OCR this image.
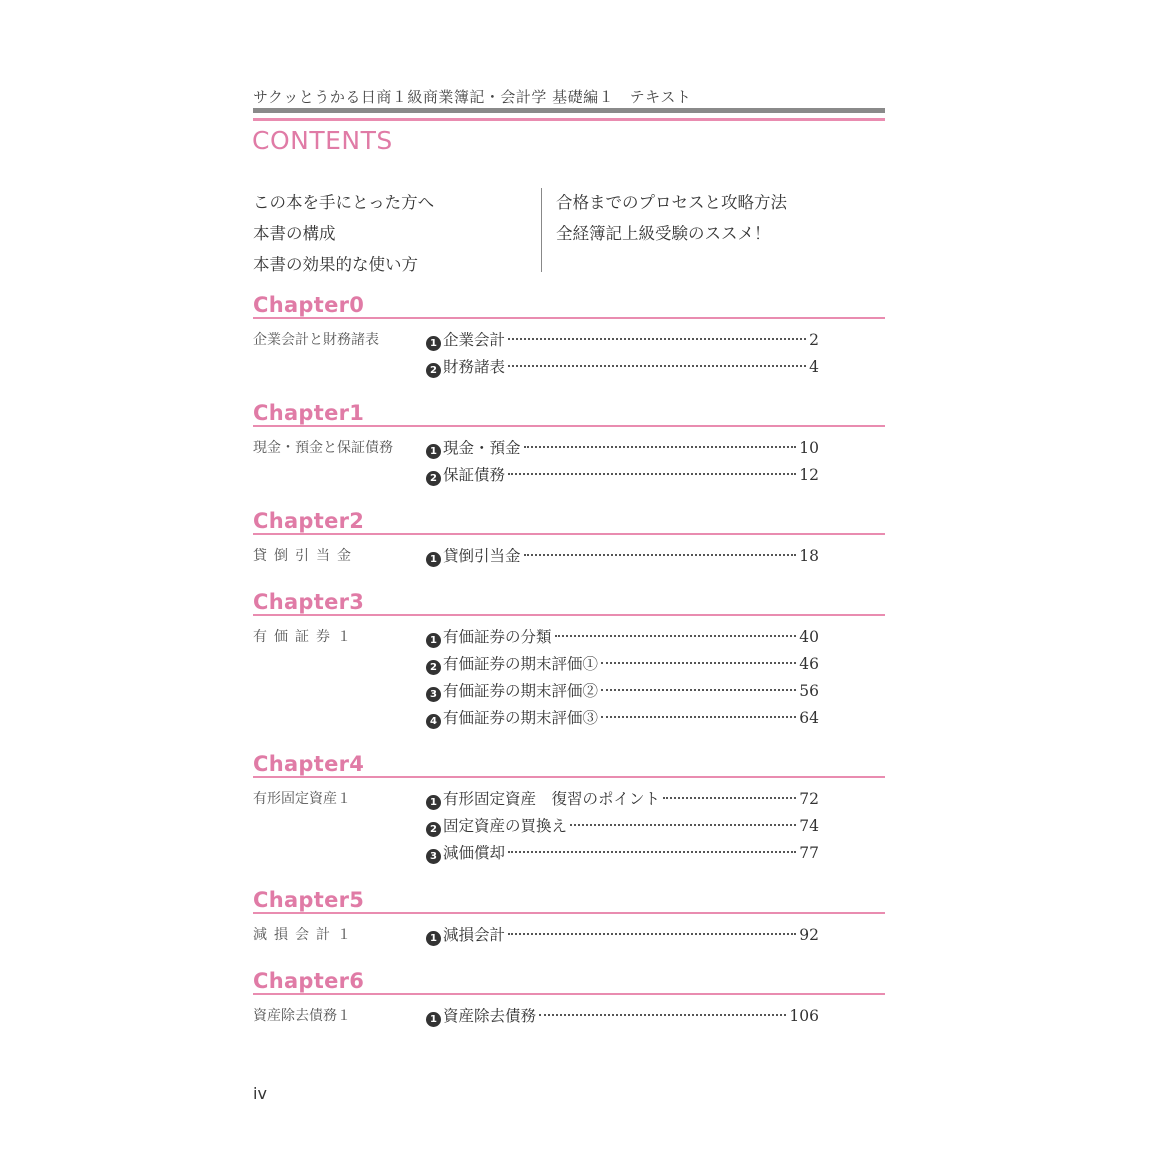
サクッとうかる日商１級商業簿記・会計学 基礎編１　テキスト
CONTENTS
この本を手にとった方へ
本書の構成
本書の効果的な使い方
合格までのプロセスと攻略方法
全経簿記上級受験のススメ！
Chapter0
企業会計と財務諸表	1 企業会計	2
2 財務諸表	4
Chapter1
現金・預金と保証債務	1 現金・預金	10
2 保証債務	12
Chapter2
貸倒引当金	1 貸倒引当金	18
Chapter3
有価証券１	1 有価証券の分類	40
2 有価証券の期末評価①	46
3 有価証券の期末評価②	56
4 有価証券の期末評価③	64
Chapter4
有形固定資産１	1 有形固定資産　復習のポイント	72
2 固定資産の買換え	74
3 減価償却	77
Chapter5
減損会計１	1 減損会計	92
Chapter6
資産除去債務１	1 資産除去債務	106
iv
